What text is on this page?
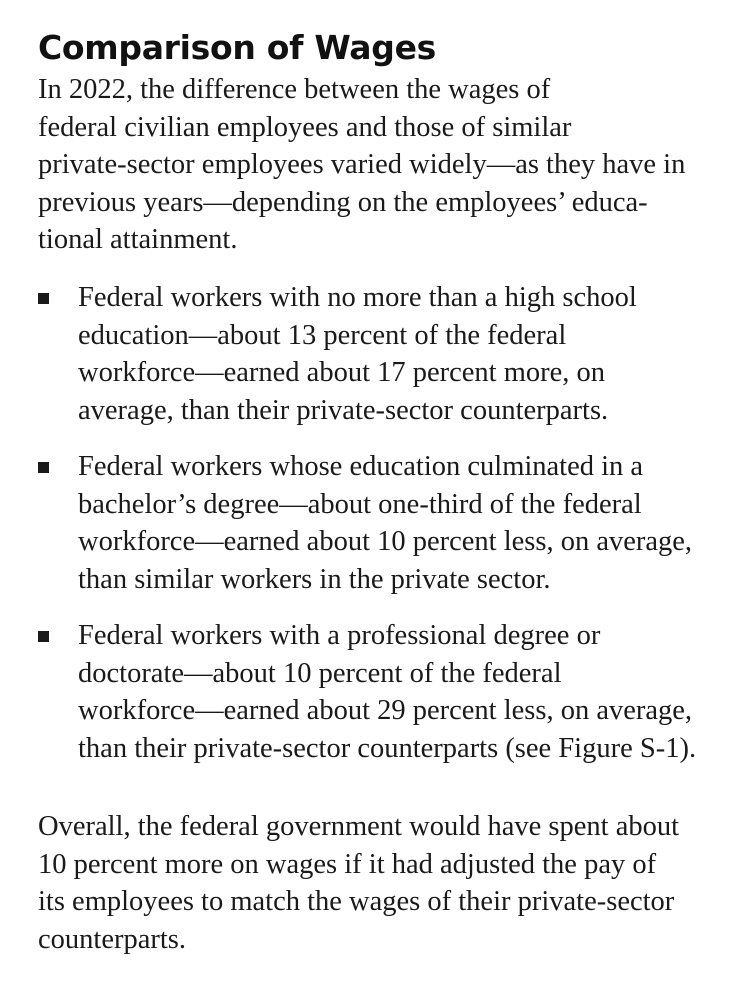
Comparison of Wages

In 2022, the difference between the wages of
federal civilian employees and those of similar
private-sector employees varied widely—as they have in
previous years—depending on the employees’ educa-
tional attainment.

Federal workers with no more than a high school
education—about 13 percent of the federal
workforce—earned about 17 percent more, on
average, than their private-sector counterparts.

Federal workers whose education culminated in a
bachelor’s degree—about one-third of the federal
workforce—earned about 10 percent less, on average,
than similar workers in the private sector.

Federal workers with a professional degree or
doctorate—about 10 percent of the federal
workforce—earned about 29 percent less, on average,
than their private-sector counterparts (see Figure S-1).

Overall, the federal government would have spent about
10 percent more on wages if it had adjusted the pay of
its employees to match the wages of their private-sector
counterparts.
